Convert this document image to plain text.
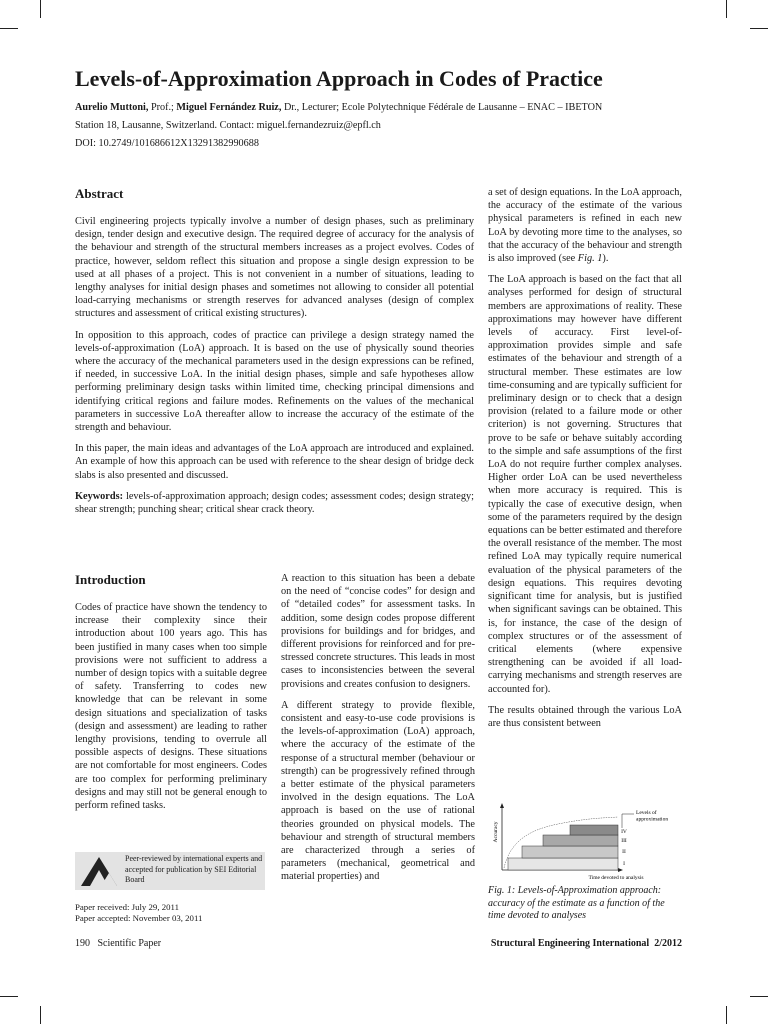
Levels-of-Approximation Approach in Codes of Practice
Aurelio Muttoni, Prof.; Miguel Fernández Ruiz, Dr., Lecturer; Ecole Polytechnique Fédérale de Lausanne – ENAC – IBETON
Station 18, Lausanne, Switzerland. Contact: miguel.fernandezruiz@epfl.ch
DOI: 10.2749/101686612X13291382990688
Abstract

Civil engineering projects typically involve a number of design phases, such as preliminary design, tender design and executive design. The required degree of accuracy for the analysis of the behaviour and strength of the structural members increases as a project evolves. Codes of practice, however, seldom reflect this situation and propose a single design expression to be used at all phases of a project. This is not convenient in a number of situations, leading to lengthy analyses for initial design phases and sometimes not allowing to consider all potential load-carrying mechanisms or strength reserves for advanced analyses (design of complex structures and assessment of critical existing structures).

In opposition to this approach, codes of practice can privilege a design strategy named the levels-of-approximation (LoA) approach. It is based on the use of physically sound theories where the accuracy of the mechanical parameters used in the design expressions can be refined, if needed, in successive LoA. In the initial design phases, simple and safe hypotheses allow performing preliminary design tasks within limited time, checking principal dimensions and identifying critical regions and failure modes. Refinements on the values of the mechanical parameters in successive LoA thereafter allow to increase the accuracy of the estimate of the strength and behaviour.

In this paper, the main ideas and advantages of the LoA approach are introduced and explained. An example of how this approach can be used with reference to the shear design of bridge deck slabs is also presented and discussed.

Keywords: levels-of-approximation approach; design codes; assessment codes; design strategy; shear strength; punching shear; critical shear crack theory.

a set of design equations. In the LoA approach, the accuracy of the estimate of the various physical parameters is refined in each new LoA by devoting more time to the analyses, so that the accuracy of the behaviour and strength is also improved (see Fig. 1).

The LoA approach is based on the fact that all analyses performed for design of structural members are approximations of reality. These approximations may however have different levels of accuracy. First level-of-approximation provides simple and safe estimates of the behaviour and strength of a structural member. These estimates are low time-consuming and are typically sufficient for preliminary design or to check that a design provision (related to a failure mode or other criterion) is not governing. Structures that prove to be safe or behave suitably according to the simple and safe assumptions of the first LoA do not require further complex analyses. Higher order LoA can be used nevertheless when more accuracy is required. This is typically the case of executive design, when some of the parameters required by the design equations can be better estimated and therefore the overall resistance of the member. The most refined LoA may typically require numerical evaluation of the physical parameters of the design equations. This requires devoting significant time for analysis, but is justified when significant savings can be obtained. This is, for instance, the case of the design of complex structures or of the assessment of critical elements (where expensive strengthening can be avoided if all load-carrying mechanisms and strength reserves are accounted for).

The results obtained through the various LoA are thus consistent between

Introduction

Codes of practice have shown the tendency to increase their complexity since their introduction about 100 years ago. This has been justified in many cases when too simple provisions were not sufficient to address a number of design topics with a suitable degree of safety. Transferring to codes new knowledge that can be relevant in some design situations and specialization of tasks (design and assessment) are leading to rather lengthy provisions, tending to overrule all possible aspects of designs. These situations are not comfortable for most engineers. Codes are too complex for performing preliminary designs and may still not be general enough to perform refined tasks.

A reaction to this situation has been a debate on the need of “concise codes” for design and of “detailed codes” for assessment tasks. In addition, some design codes propose different provisions for buildings and for bridges, and different provisions for reinforced and for pre-stressed concrete structures. This leads in most cases to inconsistencies between the several provisions and creates confusion to designers.

A different strategy to provide flexible, consistent and easy-to-use code provisions is the levels-of-approximation (LoA) approach, where the accuracy of the estimate of the response of a structural member (behaviour or strength) can be progressively refined through a better estimate of the physical parameters involved in the design equations. The LoA approach is based on the use of rational theories grounded on physical models. The behaviour and strength of structural members are characterized through a series of parameters (mechanical, geometrical and material properties) and

Peer-reviewed by international experts and accepted for publication by SEI Editorial Board
Paper received: July 29, 2011
Paper accepted: November 03, 2011
Accuracy
Time devoted to analysis
Levels of approximation
IV
III
II
I
Fig. 1: Levels-of-Approximation approach: accuracy of the estimate as a function of the time devoted to analyses
190   Scientific Paper	Structural Engineering International  2/2012
